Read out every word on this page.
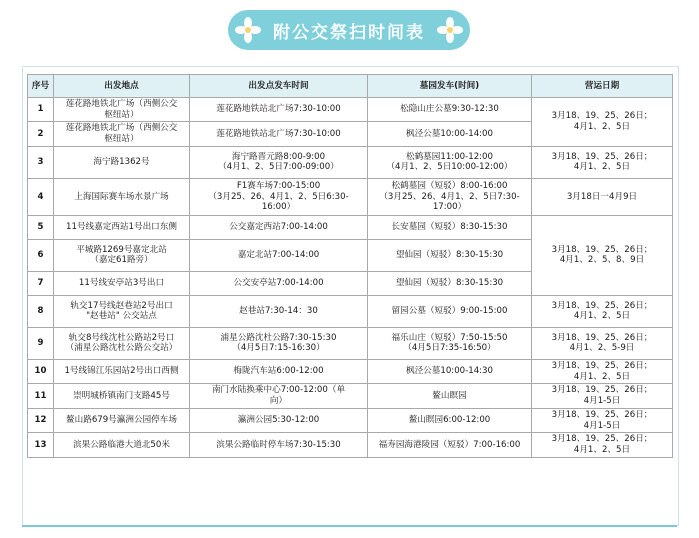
附公交祭扫时间表
序号	出发地点	出发点发车时间	墓园发车(时间)	营运日期
1	莲花路地铁北广场（西侧公交
枢纽站）	莲花路地铁站北广场7:30-10:00	松隐山庄公墓9:30-12:30	3月18、19、25、26日；
4月1、2、5日
2	莲花路地铁北广场（西侧公交
枢纽站）	莲花路地铁站北广场7:30-10:00	枫泾公墓10:00-14:00	
3	海宁路1362号	海宁路晋元路8:00-9:00
（4月1、2、5日7:00-09:00）	松鹤墓园11:00-12:00
（4月1、2、5日10:00-12:00）	3月18、19、25、26日；
4月1、2、5日
4	上海国际赛车场水景广场	F1赛车场7:00-15:00
（3月25、26、4月1、2、5日6:30-
16:00）	松鹤墓园（短驳）8:00-16:00
（3月25、26、4月1、2、5日7:30-
17:00）	3月18日一4月9日
5	11号线嘉定西站1号出口东侧	公交嘉定西站7:00-14:00	长安墓园（短驳）8:30-15:30	3月18、19、25、26日；
4月1、2、5、8、9日
6	平城路1269号嘉定北站
（嘉定61路旁）	嘉定北站7:00-14:00	望仙园（短驳）8:30-15:30	
7	11号线安亭站3号出口	公交安亭站7:00-14:00	望仙园（短驳）8:30-15:30	
8	轨交17号线赵巷站2号出口
"赵巷站" 公交站点	赵巷站7:30-14：30	留园公墓（短驳）9:00-15:00	3月18、19、25、26日；
4月1、2、5日
9	轨交8号线沈杜公路站2号口
（浦星公路沈杜公路公交站）	浦星公路沈杜公路7:30-15:30
（4月5日7:15-16:30）	福乐山庄（短驳）7:50-15:50
（4月5日7:35-16:50）	3月18、19、25、26日；
4月1、2、5-9日
10	1号线锦江乐园站2号出口西侧	梅陇汽车站6:00-12:00	枫泾公墓10:00-14:30	3月18、19、25、26日；
4月1、2、5日
11	崇明城桥镇南门支路45号	南门水陆换乘中心7:00-12:00（单
向）	鳌山瞑园	3月18、19、25、26日；
4月1-5日
12	鳌山路679号瀛洲公园停车场	瀛洲公园5:30-12:00	鳌山瞑园6:00-12:00	3月18、19、25、26日；
4月1-5日
13	滨果公路临港大道北50米	滨果公路临时停车场7:30-15:30	福寿园海港陵园（短驳）7:00-16:00	3月18、19、25、26日；
4月1、2、5日
